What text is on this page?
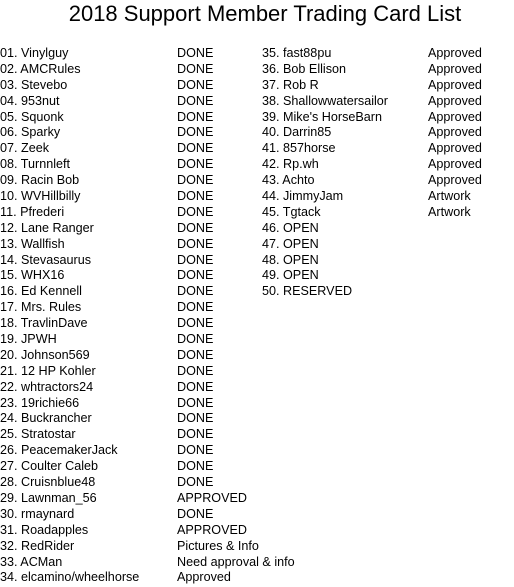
2018 Support Member Trading Card List
01. Vinylguy	DONE
02. AMCRules	DONE
03. Stevebo	DONE
04. 953nut	DONE
05. Squonk	DONE
06. Sparky	DONE
07. Zeek	DONE
08. Turnnleft	DONE
09. Racin Bob	DONE
10. WVHillbilly	DONE
11. Pfrederi	DONE
12. Lane Ranger	DONE
13. Wallfish	DONE
14. Stevasaurus	DONE
15. WHX16	DONE
16. Ed Kennell	DONE
17. Mrs. Rules	DONE
18. TravlinDave	DONE
19. JPWH	DONE
20. Johnson569	DONE
21. 12 HP Kohler	DONE
22. whtractors24	DONE
23. 19richie66	DONE
24. Buckrancher	DONE
25. Stratostar	DONE
26. PeacemakerJack	DONE
27. Coulter Caleb	DONE
28. Cruisnblue48	DONE
29. Lawnman_56	APPROVED
30. rmaynard	DONE
31. Roadapples	APPROVED
32. RedRider	Pictures & Info
33. ACMan	Need approval & info
34. elcamino/wheelhorse	Approved
35. fast88pu	Approved
36. Bob Ellison	Approved
37. Rob R	Approved
38. Shallowwatersailor	Approved
39. Mike's HorseBarn	Approved
40. Darrin85	Approved
41. 857horse	Approved
42. Rp.wh	Approved
43. Achto	Approved
44. JimmyJam	Artwork
45. Tgtack	Artwork
46. OPEN
47. OPEN
48. OPEN
49. OPEN
50. RESERVED
